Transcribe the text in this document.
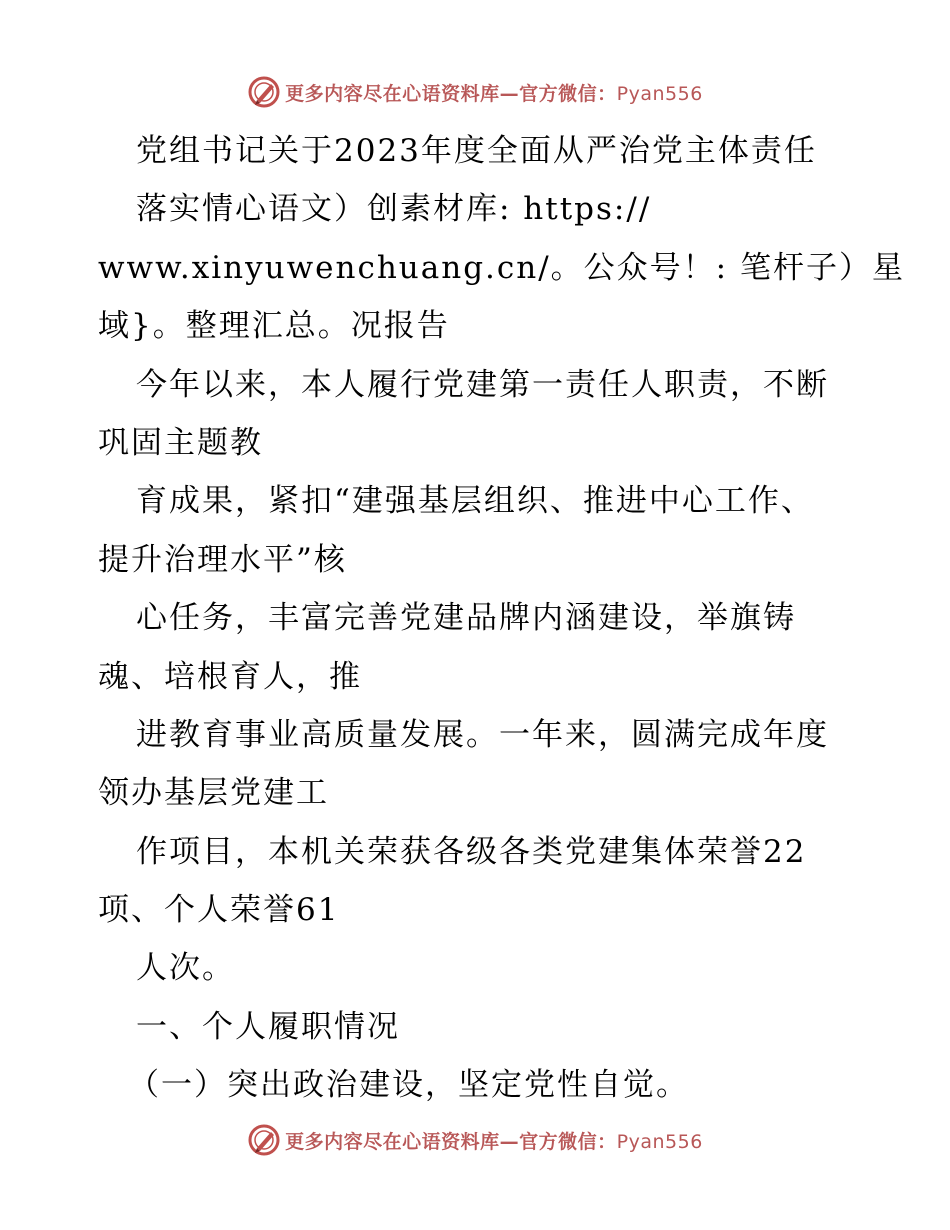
更多内容尽在心语资料库—官方微信：Pyan556
党组书记关于2023年度全面从严治党主体责任
落实情心语文）创素材库: https://
www.xinyuwenchuang.cn/。公众号！: 笔杆子）星
域}。整理汇总。况报告
今年以来，本人履行党建第一责任人职责，不断
巩固主题教
育成果，紧扣“建强基层组织、推进中心工作、
提升治理水平”核
心任务，丰富完善党建品牌内涵建设，举旗铸
魂、培根育人，推
进教育事业高质量发展。一年来，圆满完成年度
领办基层党建工
作项目，本机关荣获各级各类党建集体荣誉22
项、个人荣誉61
人次。
一、个人履职情况
（一）突出政治建设，坚定党性自觉。
更多内容尽在心语资料库—官方微信：Pyan556
